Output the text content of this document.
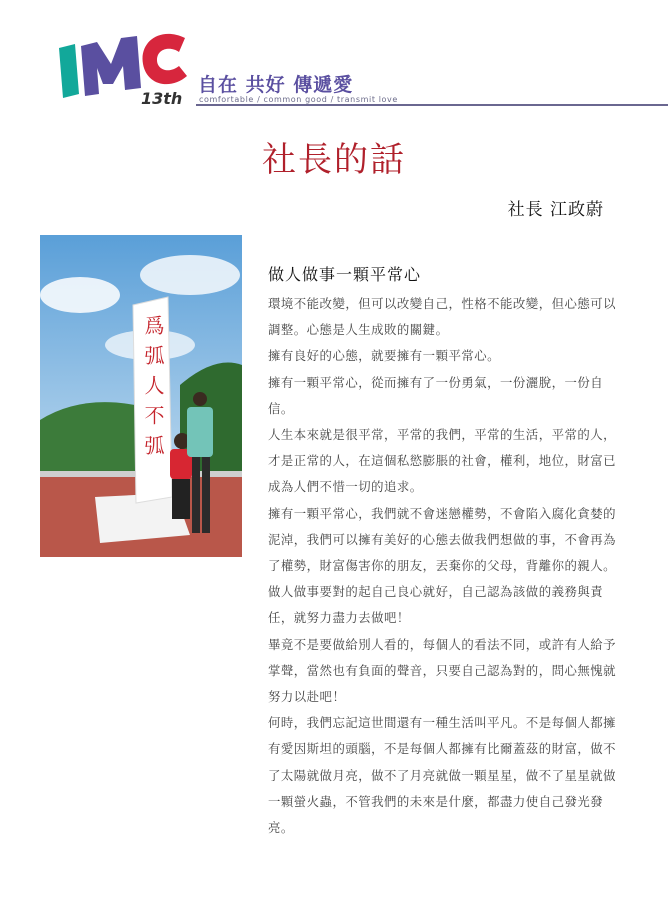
13th
自在 共好 傳遞愛
comfortable / common good / transmit love
社長的話
社長 江政蔚
爲弧人不弧
做人做事一顆平常心

環境不能改變，但可以改變自己，性格不能改變，但心態可以調整。心態是人生成敗的關鍵。

擁有良好的心態，就要擁有一顆平常心。

擁有一顆平常心，從而擁有了一份勇氣，一份灑脫，一份自信。

人生本來就是很平常，平常的我們，平常的生活，平常的人，才是正常的人，在這個私慾膨脹的社會，權利，地位，財富已成為人們不惜一切的追求。

擁有一顆平常心，我們就不會迷戀權勢，不會陷入腐化貪婪的泥淖，我們可以擁有美好的心態去做我們想做的事，不會再為了權勢，財富傷害你的朋友，丟棄你的父母，背離你的親人。

做人做事要對的起自己良心就好，自己認為該做的義務與責任，就努力盡力去做吧！

畢竟不是要做給別人看的，每個人的看法不同，或許有人給予掌聲，當然也有負面的聲音，只要自己認為對的，問心無愧就努力以赴吧！

何時，我們忘記這世間還有一種生活叫平凡。不是每個人都擁有愛因斯坦的頭腦，不是每個人都擁有比爾蓋茲的財富，做不了太陽就做月亮，做不了月亮就做一顆星星，做不了星星就做一顆螢火蟲，不管我們的未來是什麼，都盡力使自己發光發亮。
